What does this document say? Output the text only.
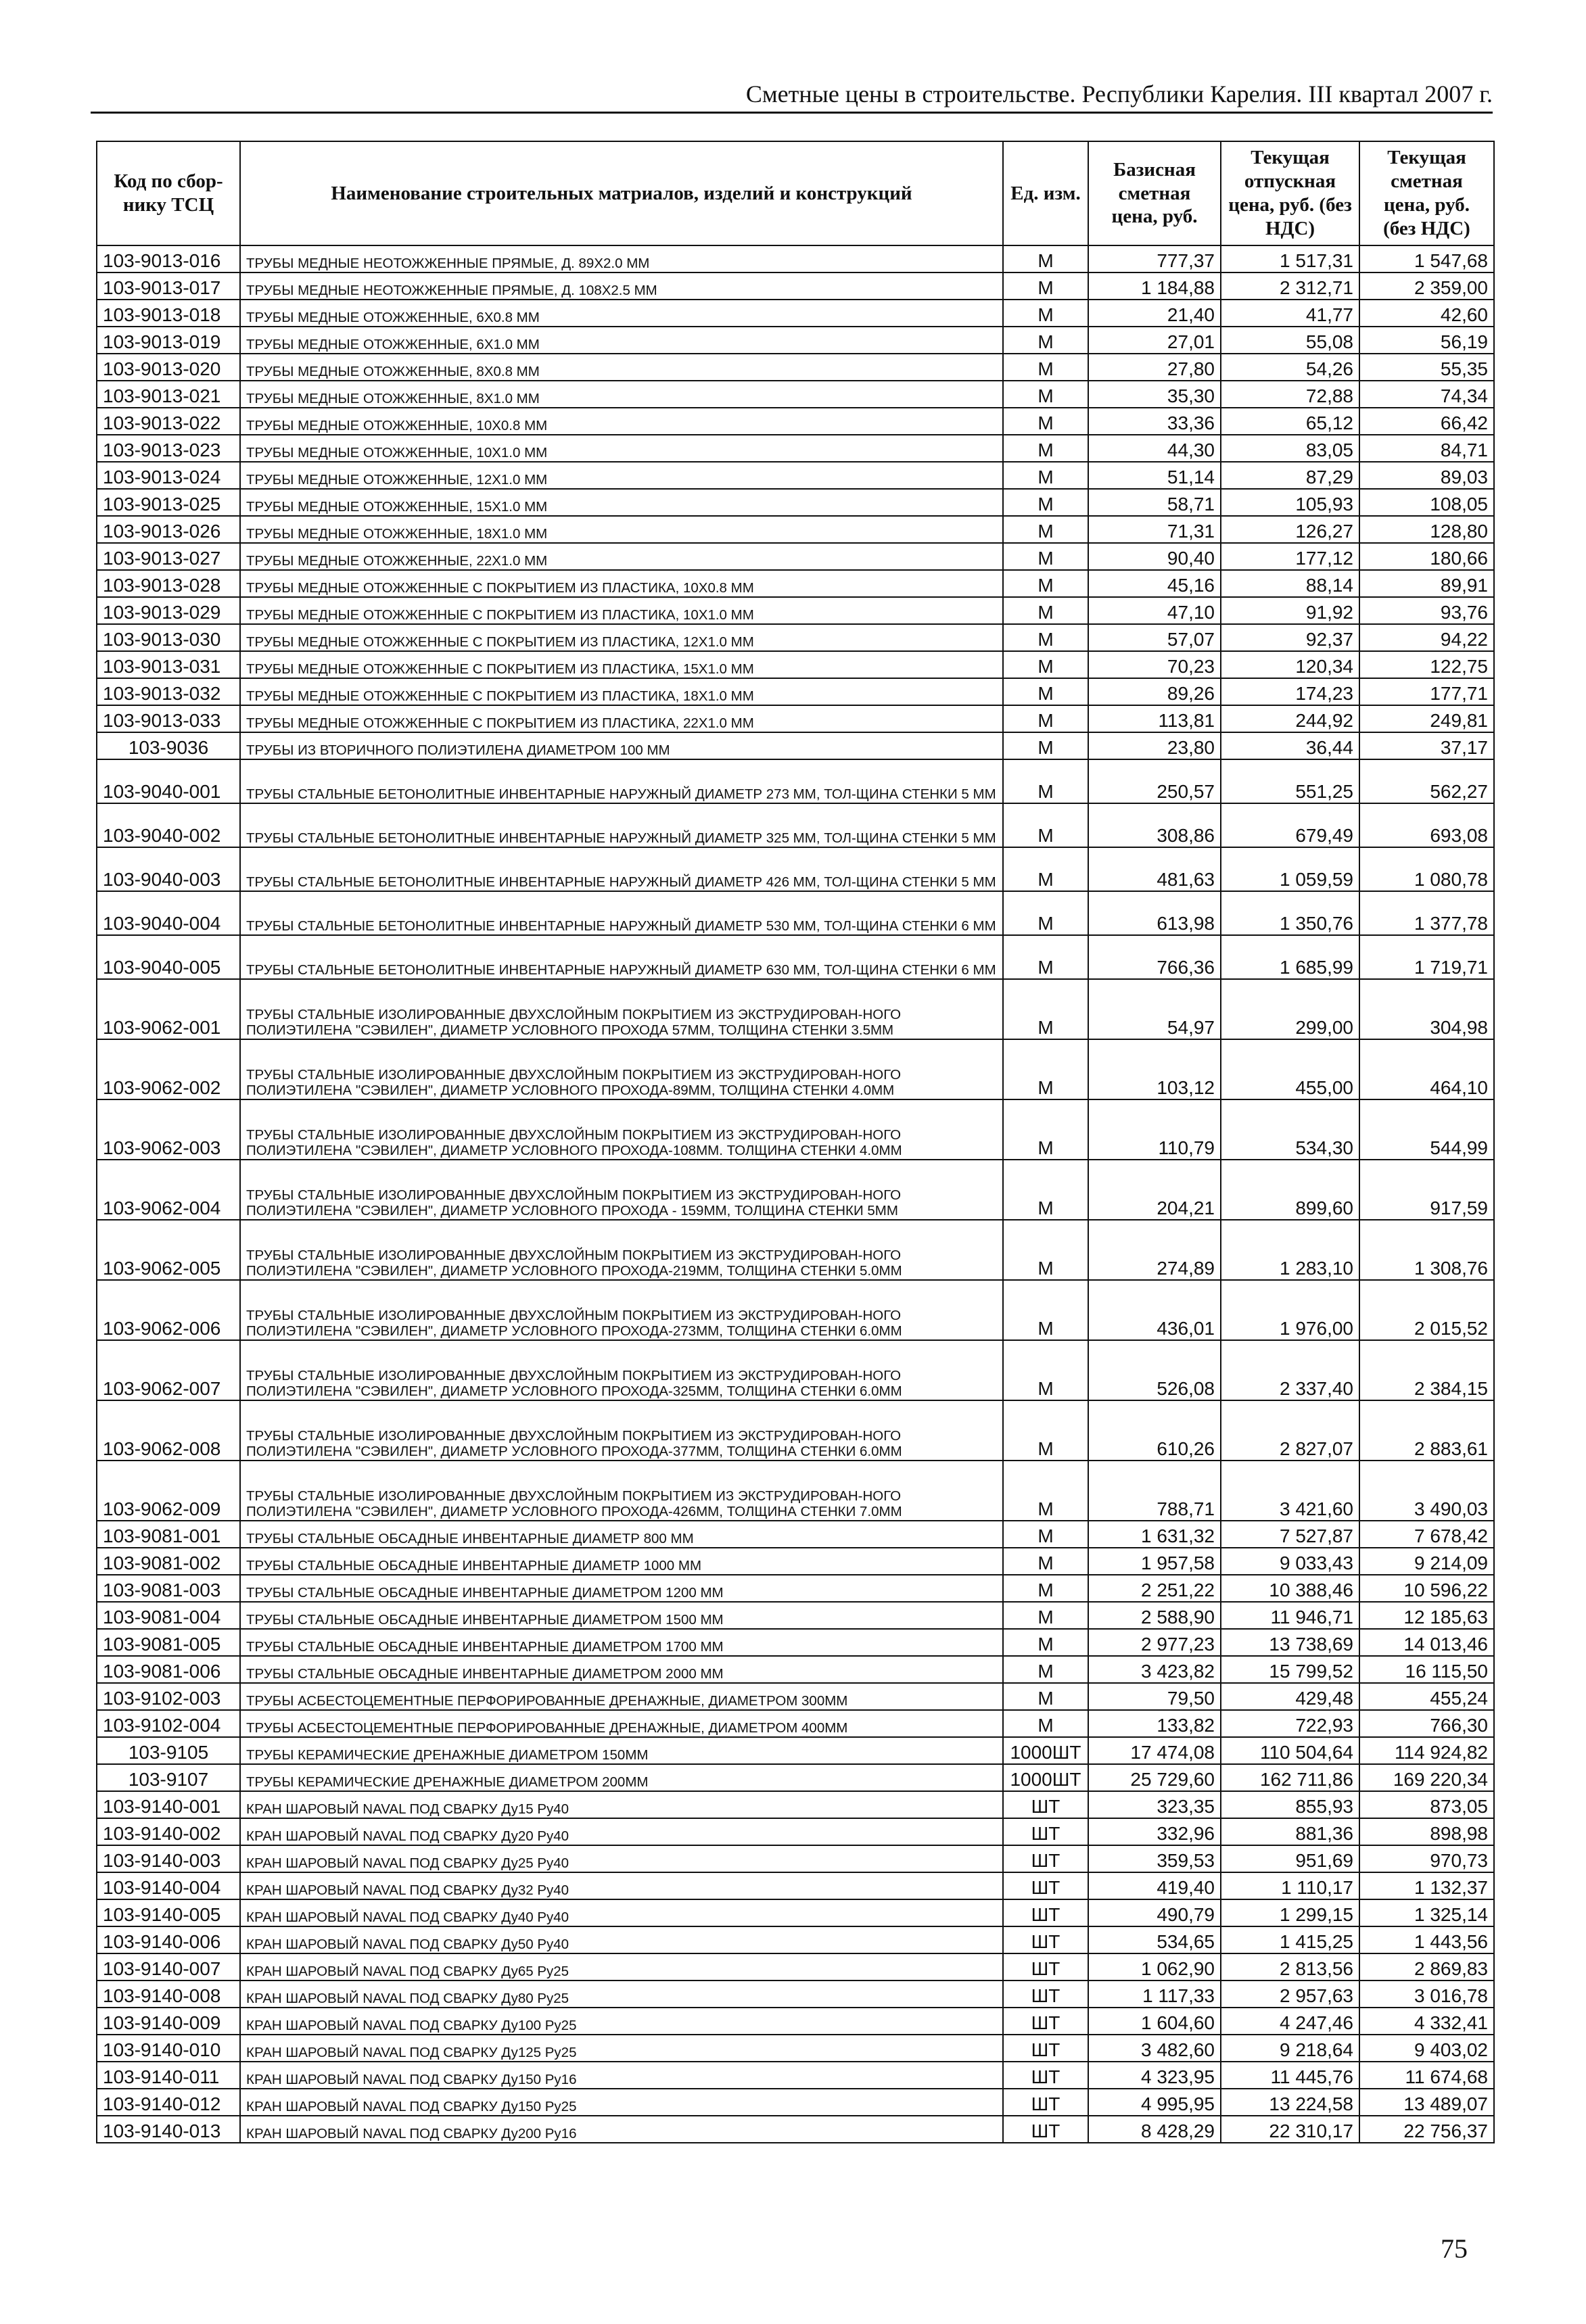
Сметные цены в строительстве. Республики Карелия. III квартал 2007 г.
Код по сбор-нику ТСЦ	Наименование строительных матриалов, изделий и конструкций	Ед. изм.	Базисная сметная цена, руб.	Текущая отпускная цена, руб. (без НДС)	Текущая сметная цена, руб. (без НДС)
103-9013-016	ТРУБЫ МЕДНЫЕ НЕОТОЖЖЕННЫЕ ПРЯМЫЕ, Д. 89Х2.0 ММ	М	777,37	1 517,31	1 547,68
103-9013-017	ТРУБЫ МЕДНЫЕ НЕОТОЖЖЕННЫЕ ПРЯМЫЕ, Д. 108Х2.5 ММ	М	1 184,88	2 312,71	2 359,00
103-9013-018	ТРУБЫ МЕДНЫЕ ОТОЖЖЕННЫЕ, 6Х0.8 ММ	М	21,40	41,77	42,60
103-9013-019	ТРУБЫ МЕДНЫЕ ОТОЖЖЕННЫЕ, 6Х1.0 ММ	М	27,01	55,08	56,19
103-9013-020	ТРУБЫ МЕДНЫЕ ОТОЖЖЕННЫЕ, 8Х0.8 ММ	М	27,80	54,26	55,35
103-9013-021	ТРУБЫ МЕДНЫЕ ОТОЖЖЕННЫЕ, 8Х1.0 ММ	М	35,30	72,88	74,34
103-9013-022	ТРУБЫ МЕДНЫЕ ОТОЖЖЕННЫЕ, 10Х0.8 ММ	М	33,36	65,12	66,42
103-9013-023	ТРУБЫ МЕДНЫЕ ОТОЖЖЕННЫЕ, 10Х1.0 ММ	М	44,30	83,05	84,71
103-9013-024	ТРУБЫ МЕДНЫЕ ОТОЖЖЕННЫЕ, 12Х1.0 ММ	М	51,14	87,29	89,03
103-9013-025	ТРУБЫ МЕДНЫЕ ОТОЖЖЕННЫЕ, 15Х1.0 ММ	М	58,71	105,93	108,05
103-9013-026	ТРУБЫ МЕДНЫЕ ОТОЖЖЕННЫЕ, 18Х1.0 ММ	М	71,31	126,27	128,80
103-9013-027	ТРУБЫ МЕДНЫЕ ОТОЖЖЕННЫЕ, 22Х1.0 ММ	М	90,40	177,12	180,66
103-9013-028	ТРУБЫ МЕДНЫЕ ОТОЖЖЕННЫЕ С ПОКРЫТИЕМ ИЗ ПЛАСТИКА, 10Х0.8 ММ	М	45,16	88,14	89,91
103-9013-029	ТРУБЫ МЕДНЫЕ ОТОЖЖЕННЫЕ С ПОКРЫТИЕМ ИЗ ПЛАСТИКА, 10Х1.0 ММ	М	47,10	91,92	93,76
103-9013-030	ТРУБЫ МЕДНЫЕ ОТОЖЖЕННЫЕ С ПОКРЫТИЕМ ИЗ ПЛАСТИКА, 12Х1.0 ММ	М	57,07	92,37	94,22
103-9013-031	ТРУБЫ МЕДНЫЕ ОТОЖЖЕННЫЕ С ПОКРЫТИЕМ ИЗ ПЛАСТИКА, 15Х1.0 ММ	М	70,23	120,34	122,75
103-9013-032	ТРУБЫ МЕДНЫЕ ОТОЖЖЕННЫЕ С ПОКРЫТИЕМ ИЗ ПЛАСТИКА, 18Х1.0 ММ	М	89,26	174,23	177,71
103-9013-033	ТРУБЫ МЕДНЫЕ ОТОЖЖЕННЫЕ С ПОКРЫТИЕМ ИЗ ПЛАСТИКА, 22Х1.0 ММ	М	113,81	244,92	249,81
103-9036	ТРУБЫ ИЗ ВТОРИЧНОГО ПОЛИЭТИЛЕНА ДИАМЕТРОМ 100 ММ	М	23,80	36,44	37,17
103-9040-001	ТРУБЫ СТАЛЬНЫЕ БЕТОНОЛИТНЫЕ ИНВЕНТАРНЫЕ НАРУЖНЫЙ ДИАМЕТР 273 ММ, ТОЛ-ЩИНА СТЕНКИ 5 ММ	М	250,57	551,25	562,27
103-9040-002	ТРУБЫ СТАЛЬНЫЕ БЕТОНОЛИТНЫЕ ИНВЕНТАРНЫЕ НАРУЖНЫЙ ДИАМЕТР 325 ММ, ТОЛ-ЩИНА СТЕНКИ 5 ММ	М	308,86	679,49	693,08
103-9040-003	ТРУБЫ СТАЛЬНЫЕ БЕТОНОЛИТНЫЕ ИНВЕНТАРНЫЕ НАРУЖНЫЙ ДИАМЕТР 426 ММ, ТОЛ-ЩИНА СТЕНКИ 5 ММ	М	481,63	1 059,59	1 080,78
103-9040-004	ТРУБЫ СТАЛЬНЫЕ БЕТОНОЛИТНЫЕ ИНВЕНТАРНЫЕ НАРУЖНЫЙ ДИАМЕТР 530 ММ, ТОЛ-ЩИНА СТЕНКИ 6 ММ	М	613,98	1 350,76	1 377,78
103-9040-005	ТРУБЫ СТАЛЬНЫЕ БЕТОНОЛИТНЫЕ ИНВЕНТАРНЫЕ НАРУЖНЫЙ ДИАМЕТР 630 ММ, ТОЛ-ЩИНА СТЕНКИ 6 ММ	М	766,36	1 685,99	1 719,71
103-9062-001	ТРУБЫ СТАЛЬНЫЕ ИЗОЛИРОВАННЫЕ ДВУХСЛОЙНЫМ ПОКРЫТИЕМ ИЗ ЭКСТРУДИРОВАН-НОГО ПОЛИЭТИЛЕНА "СЭВИЛЕН", ДИАМЕТР УСЛОВНОГО ПРОХОДА 57ММ, ТОЛЩИНА СТЕНКИ 3.5ММ	М	54,97	299,00	304,98
103-9062-002	ТРУБЫ СТАЛЬНЫЕ ИЗОЛИРОВАННЫЕ ДВУХСЛОЙНЫМ ПОКРЫТИЕМ ИЗ ЭКСТРУДИРОВАН-НОГО ПОЛИЭТИЛЕНА "СЭВИЛЕН", ДИАМЕТР УСЛОВНОГО ПРОХОДА-89ММ, ТОЛЩИНА СТЕНКИ 4.0ММ	М	103,12	455,00	464,10
103-9062-003	ТРУБЫ СТАЛЬНЫЕ ИЗОЛИРОВАННЫЕ ДВУХСЛОЙНЫМ ПОКРЫТИЕМ ИЗ ЭКСТРУДИРОВАН-НОГО ПОЛИЭТИЛЕНА "СЭВИЛЕН", ДИАМЕТР УСЛОВНОГО ПРОХОДА-108ММ. ТОЛЩИНА СТЕНКИ 4.0ММ	М	110,79	534,30	544,99
103-9062-004	ТРУБЫ СТАЛЬНЫЕ ИЗОЛИРОВАННЫЕ ДВУХСЛОЙНЫМ ПОКРЫТИЕМ ИЗ ЭКСТРУДИРОВАН-НОГО ПОЛИЭТИЛЕНА "СЭВИЛЕН", ДИАМЕТР УСЛОВНОГО ПРОХОДА - 159ММ, ТОЛЩИНА СТЕНКИ 5ММ	М	204,21	899,60	917,59
103-9062-005	ТРУБЫ СТАЛЬНЫЕ ИЗОЛИРОВАННЫЕ ДВУХСЛОЙНЫМ ПОКРЫТИЕМ ИЗ ЭКСТРУДИРОВАН-НОГО ПОЛИЭТИЛЕНА "СЭВИЛЕН", ДИАМЕТР УСЛОВНОГО ПРОХОДА-219ММ, ТОЛЩИНА СТЕНКИ 5.0ММ	М	274,89	1 283,10	1 308,76
103-9062-006	ТРУБЫ СТАЛЬНЫЕ ИЗОЛИРОВАННЫЕ ДВУХСЛОЙНЫМ ПОКРЫТИЕМ ИЗ ЭКСТРУДИРОВАН-НОГО ПОЛИЭТИЛЕНА "СЭВИЛЕН", ДИАМЕТР УСЛОВНОГО ПРОХОДА-273ММ, ТОЛЩИНА СТЕНКИ 6.0ММ	М	436,01	1 976,00	2 015,52
103-9062-007	ТРУБЫ СТАЛЬНЫЕ ИЗОЛИРОВАННЫЕ ДВУХСЛОЙНЫМ ПОКРЫТИЕМ ИЗ ЭКСТРУДИРОВАН-НОГО ПОЛИЭТИЛЕНА "СЭВИЛЕН", ДИАМЕТР УСЛОВНОГО ПРОХОДА-325ММ, ТОЛЩИНА СТЕНКИ 6.0ММ	М	526,08	2 337,40	2 384,15
103-9062-008	ТРУБЫ СТАЛЬНЫЕ ИЗОЛИРОВАННЫЕ ДВУХСЛОЙНЫМ ПОКРЫТИЕМ ИЗ ЭКСТРУДИРОВАН-НОГО ПОЛИЭТИЛЕНА "СЭВИЛЕН", ДИАМЕТР УСЛОВНОГО ПРОХОДА-377ММ, ТОЛЩИНА СТЕНКИ 6.0ММ	М	610,26	2 827,07	2 883,61
103-9062-009	ТРУБЫ СТАЛЬНЫЕ ИЗОЛИРОВАННЫЕ ДВУХСЛОЙНЫМ ПОКРЫТИЕМ ИЗ ЭКСТРУДИРОВАН-НОГО ПОЛИЭТИЛЕНА "СЭВИЛЕН", ДИАМЕТР УСЛОВНОГО ПРОХОДА-426ММ, ТОЛЩИНА СТЕНКИ 7.0ММ	М	788,71	3 421,60	3 490,03
103-9081-001	ТРУБЫ СТАЛЬНЫЕ ОБСАДНЫЕ ИНВЕНТАРНЫЕ ДИАМЕТР 800 ММ	М	1 631,32	7 527,87	7 678,42
103-9081-002	ТРУБЫ СТАЛЬНЫЕ ОБСАДНЫЕ ИНВЕНТАРНЫЕ ДИАМЕТР 1000 ММ	М	1 957,58	9 033,43	9 214,09
103-9081-003	ТРУБЫ СТАЛЬНЫЕ ОБСАДНЫЕ ИНВЕНТАРНЫЕ ДИАМЕТРОМ 1200 ММ	М	2 251,22	10 388,46	10 596,22
103-9081-004	ТРУБЫ СТАЛЬНЫЕ ОБСАДНЫЕ ИНВЕНТАРНЫЕ ДИАМЕТРОМ 1500 ММ	М	2 588,90	11 946,71	12 185,63
103-9081-005	ТРУБЫ СТАЛЬНЫЕ ОБСАДНЫЕ ИНВЕНТАРНЫЕ ДИАМЕТРОМ 1700 ММ	М	2 977,23	13 738,69	14 013,46
103-9081-006	ТРУБЫ СТАЛЬНЫЕ ОБСАДНЫЕ ИНВЕНТАРНЫЕ ДИАМЕТРОМ 2000 ММ	М	3 423,82	15 799,52	16 115,50
103-9102-003	ТРУБЫ АСБЕСТОЦЕМЕНТНЫЕ ПЕРФОРИРОВАННЫЕ ДРЕНАЖНЫЕ, ДИАМЕТРОМ 300ММ	М	79,50	429,48	455,24
103-9102-004	ТРУБЫ АСБЕСТОЦЕМЕНТНЫЕ ПЕРФОРИРОВАННЫЕ ДРЕНАЖНЫЕ, ДИАМЕТРОМ 400ММ	М	133,82	722,93	766,30
103-9105	ТРУБЫ КЕРАМИЧЕСКИЕ ДРЕНАЖНЫЕ ДИАМЕТРОМ 150ММ	1000ШТ	17 474,08	110 504,64	114 924,82
103-9107	ТРУБЫ КЕРАМИЧЕСКИЕ ДРЕНАЖНЫЕ ДИАМЕТРОМ 200ММ	1000ШТ	25 729,60	162 711,86	169 220,34
103-9140-001	КРАН ШАРОВЫЙ NAVAL ПОД СВАРКУ Ду15 Ру40	ШТ	323,35	855,93	873,05
103-9140-002	КРАН ШАРОВЫЙ NAVAL ПОД СВАРКУ Ду20 Ру40	ШТ	332,96	881,36	898,98
103-9140-003	КРАН ШАРОВЫЙ NAVAL ПОД СВАРКУ Ду25 Ру40	ШТ	359,53	951,69	970,73
103-9140-004	КРАН ШАРОВЫЙ NAVAL ПОД СВАРКУ Ду32 Ру40	ШТ	419,40	1 110,17	1 132,37
103-9140-005	КРАН ШАРОВЫЙ NAVAL ПОД СВАРКУ Ду40 Ру40	ШТ	490,79	1 299,15	1 325,14
103-9140-006	КРАН ШАРОВЫЙ NAVAL ПОД СВАРКУ Ду50 Ру40	ШТ	534,65	1 415,25	1 443,56
103-9140-007	КРАН ШАРОВЫЙ NAVAL ПОД СВАРКУ Ду65 Ру25	ШТ	1 062,90	2 813,56	2 869,83
103-9140-008	КРАН ШАРОВЫЙ NAVAL ПОД СВАРКУ Ду80 Ру25	ШТ	1 117,33	2 957,63	3 016,78
103-9140-009	КРАН ШАРОВЫЙ NAVAL ПОД СВАРКУ Ду100 Ру25	ШТ	1 604,60	4 247,46	4 332,41
103-9140-010	КРАН ШАРОВЫЙ NAVAL ПОД СВАРКУ Ду125 Ру25	ШТ	3 482,60	9 218,64	9 403,02
103-9140-011	КРАН ШАРОВЫЙ NAVAL ПОД СВАРКУ Ду150 Ру16	ШТ	4 323,95	11 445,76	11 674,68
103-9140-012	КРАН ШАРОВЫЙ NAVAL ПОД СВАРКУ Ду150 Ру25	ШТ	4 995,95	13 224,58	13 489,07
103-9140-013	КРАН ШАРОВЫЙ NAVAL ПОД СВАРКУ Ду200 Ру16	ШТ	8 428,29	22 310,17	22 756,37
75
